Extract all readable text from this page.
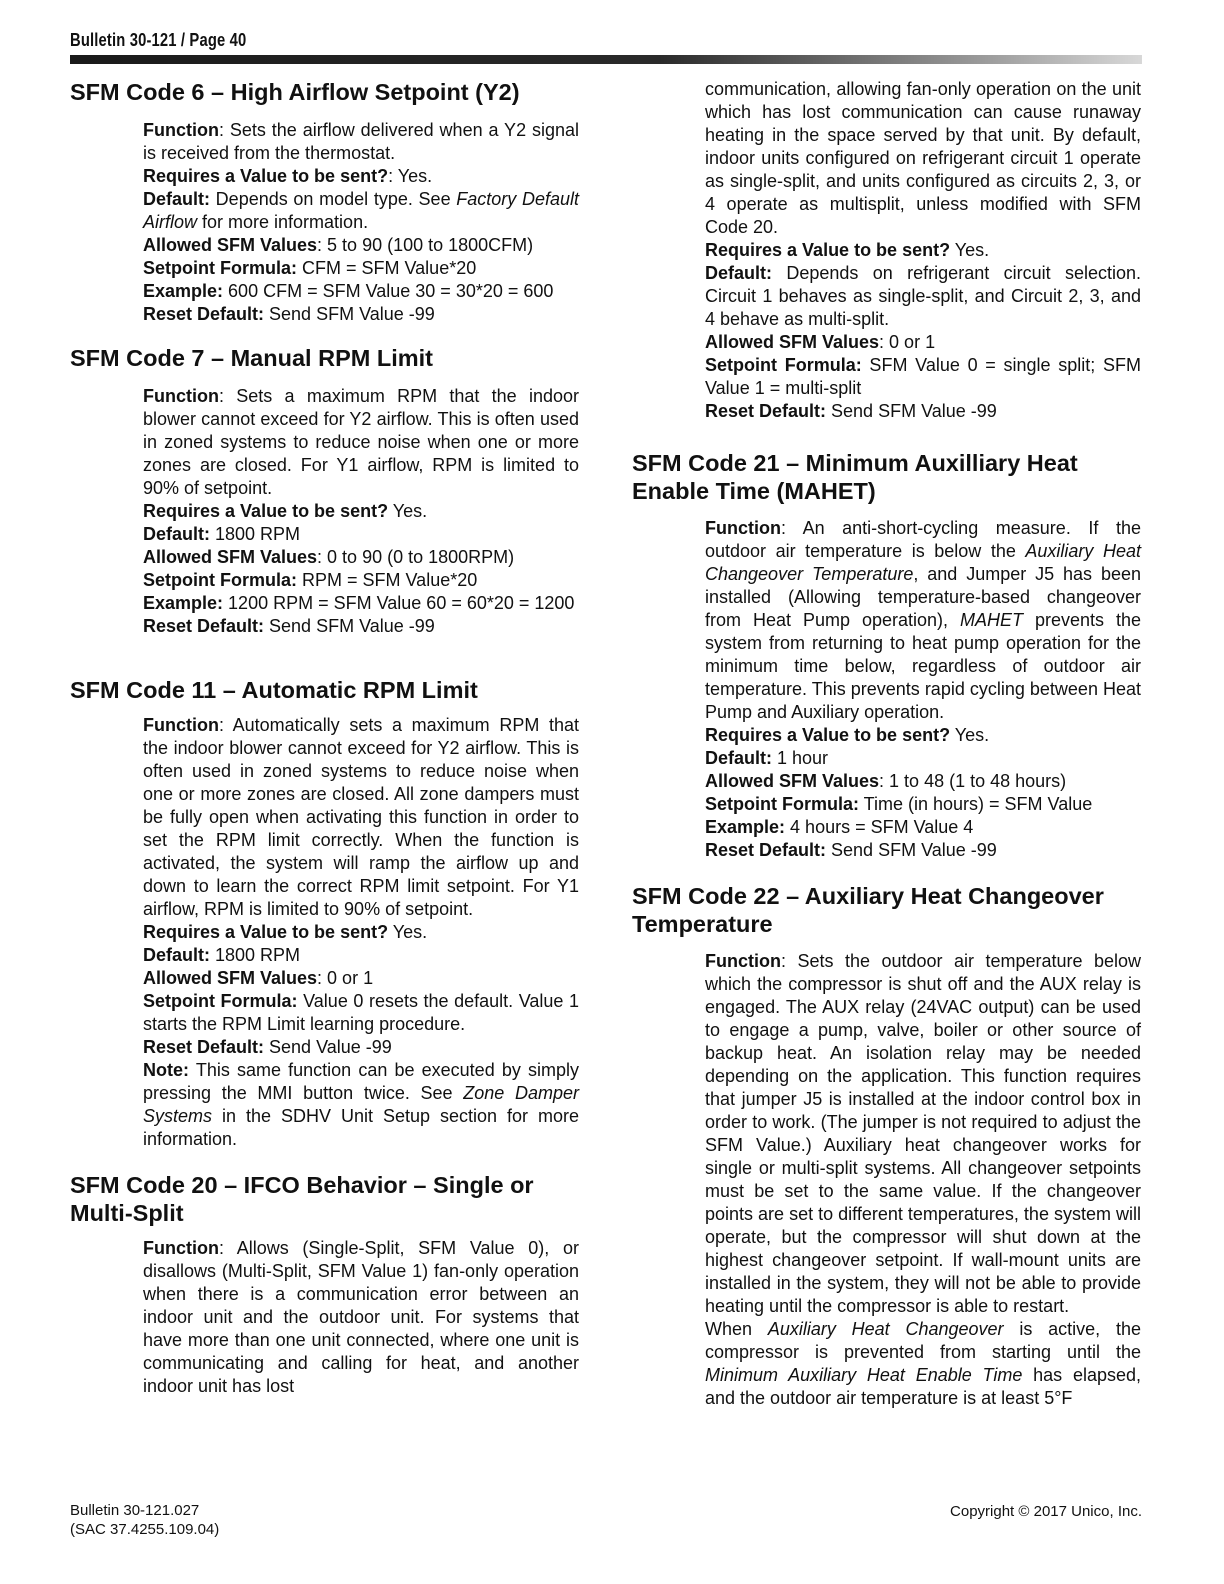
Bulletin 30-121 / Page 40
SFM Code 6 – High Airflow Setpoint (Y2)

Function: Sets the airflow delivered when a Y2 signal is received from the thermostat.

Requires a Value to be sent?: Yes.

Default: Depends on model type. See Factory Default Airflow for more information.

Allowed SFM Values: 5 to 90 (100 to 1800CFM)

Setpoint Formula: CFM = SFM Value*20

Example: 600 CFM = SFM Value 30 = 30*20 = 600

Reset Default: Send SFM Value -99

SFM Code 7 – Manual RPM Limit

Function: Sets a maximum RPM that the indoor blower cannot exceed for Y2 airflow. This is often used in zoned systems to reduce noise when one or more zones are closed. For Y1 airflow, RPM is limited to 90% of setpoint.

Requires a Value to be sent? Yes.

Default: 1800 RPM

Allowed SFM Values: 0 to 90 (0 to 1800RPM)

Setpoint Formula: RPM = SFM Value*20

Example: 1200 RPM = SFM Value 60 = 60*20 = 1200

Reset Default: Send SFM Value -99

SFM Code 11 – Automatic RPM Limit

Function: Automatically sets a maximum RPM that the indoor blower cannot exceed for Y2 airflow. This is often used in zoned systems to reduce noise when one or more zones are closed. All zone dampers must be fully open when activating this function in order to set the RPM limit correctly. When the function is activated, the system will ramp the airflow up and down to learn the correct RPM limit setpoint. For Y1 airflow, RPM is limited to 90% of setpoint.

Requires a Value to be sent? Yes.

Default: 1800 RPM

Allowed SFM Values: 0 or 1

Setpoint Formula: Value 0 resets the default. Value 1 starts the RPM Limit learning procedure.

Reset Default: Send Value -99

Note: This same function can be executed by simply pressing the MMI button twice. See Zone Damper Systems in the SDHV Unit Setup section for more information.

SFM Code 20 – IFCO Behavior – Single or Multi-Split

Function: Allows (Single-Split, SFM Value 0), or disallows (Multi-Split, SFM Value 1) fan-only operation when there is a communication error between an indoor unit and the outdoor unit. For systems that have more than one unit connected, where one unit is communicating and calling for heat, and another indoor unit has lost

communication, allowing fan-only operation on the unit which has lost communication can cause runaway heating in the space served by that unit. By default, indoor units configured on refrigerant circuit 1 operate as single-split, and units configured as circuits 2, 3, or 4 operate as multisplit, unless modified with SFM Code 20.

Requires a Value to be sent? Yes.

Default: Depends on refrigerant circuit selection. Circuit 1 behaves as single-split, and Circuit 2, 3, and 4 behave as multi-split.

Allowed SFM Values: 0 or 1

Setpoint Formula: SFM Value 0 = single split; SFM Value 1 = multi-split

Reset Default: Send SFM Value -99

SFM Code 21 – Minimum Auxilliary Heat Enable Time (MAHET)

Function: An anti-short-cycling measure. If the outdoor air temperature is below the Auxiliary Heat Changeover Temperature, and Jumper J5 has been installed (Allowing temperature-based changeover from Heat Pump operation), MAHET prevents the system from returning to heat pump operation for the minimum time below, regardless of outdoor air temperature. This prevents rapid cycling between Heat Pump and Auxiliary operation.

Requires a Value to be sent? Yes.

Default: 1 hour

Allowed SFM Values: 1 to 48 (1 to 48 hours)

Setpoint Formula: Time (in hours) = SFM Value

Example: 4 hours = SFM Value 4

Reset Default: Send SFM Value -99

SFM Code 22 – Auxiliary Heat Changeover Temperature

Function: Sets the outdoor air temperature below which the compressor is shut off and the AUX relay is engaged. The AUX relay (24VAC output) can be used to engage a pump, valve, boiler or other source of backup heat. An isolation relay may be needed depending on the application. This function requires that jumper J5 is installed at the indoor control box in order to work. (The jumper is not required to adjust the SFM Value.) Auxiliary heat changeover works for single or multi-split systems. All changeover setpoints must be set to the same value. If the changeover points are set to different temperatures, the system will operate, but the compressor will shut down at the highest changeover setpoint. If wall-mount units are installed in the system, they will not be able to provide heating until the compressor is able to restart.

When Auxiliary Heat Changeover is active, the compressor is prevented from starting until the Minimum Auxiliary Heat Enable Time has elapsed, and the outdoor air temperature is at least 5°F

Bulletin 30-121.027
(SAC 37.4255.109.04)
Copyright © 2017 Unico, Inc.
